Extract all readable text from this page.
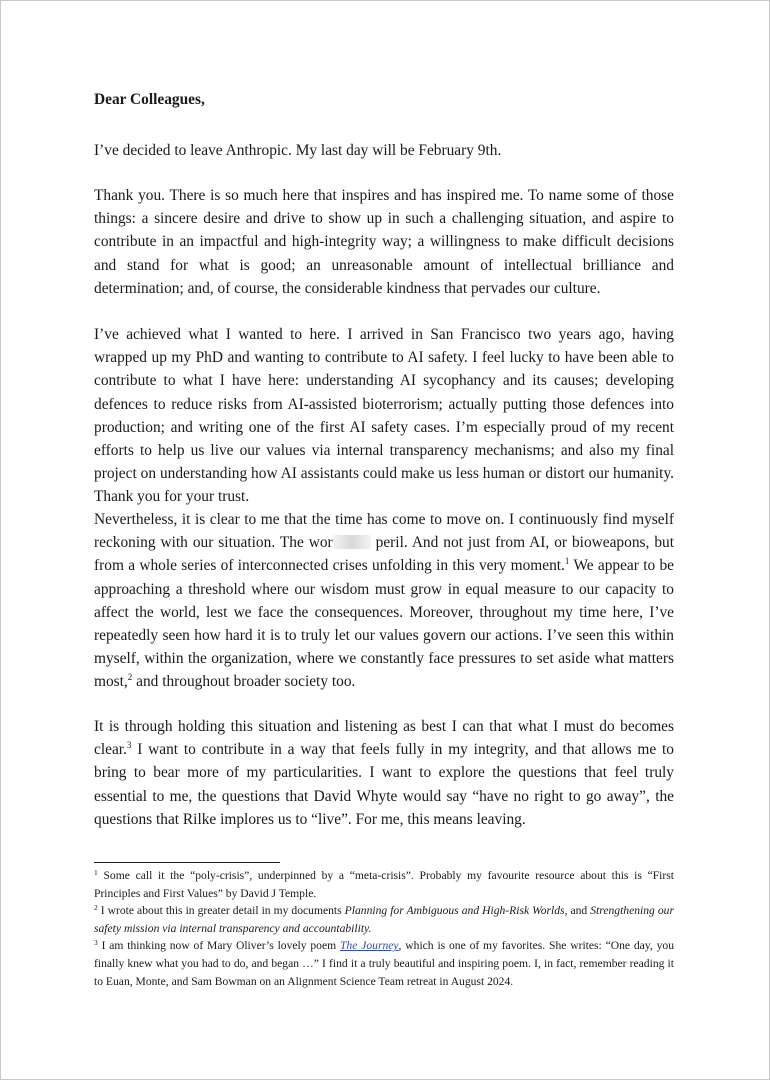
Dear Colleagues,

I’ve decided to leave Anthropic. My last day will be February 9th.

Thank you. There is so much here that inspires and has inspired me. To name some of those things: a sincere desire and drive to show up in such a challenging situation, and aspire to contribute in an impactful and high-integrity way; a willingness to make difficult decisions and stand for what is good; an unreasonable amount of intellectual brilliance and determination; and, of course, the considerable kindness that pervades our culture.

I’ve achieved what I wanted to here. I arrived in San Francisco two years ago, having wrapped up my PhD and wanting to contribute to AI safety. I feel lucky to have been able to contribute to what I have here: understanding AI sycophancy and its causes; developing defences to reduce risks from AI-assisted bioterrorism; actually putting those defences into production; and writing one of the first AI safety cases. I’m especially proud of my recent efforts to help us live our values via internal transparency mechanisms; and also my final project on understanding how AI assistants could make us less human or distort our humanity. Thank you for your trust.

Nevertheless, it is clear to me that the time has come to move on. I continuously find myself reckoning with our situation. The wor peril. And not just from AI, or bioweapons, but from a whole series of interconnected crises unfolding in this very moment.$^1$ We appear to be approaching a threshold where our wisdom must grow in equal measure to our capacity to affect the world, lest we face the consequences. Moreover, throughout my time here, I’ve repeatedly seen how hard it is to truly let our values govern our actions. I’ve seen this within myself, within the organization, where we constantly face pressures to set aside what matters most,$^2$ and throughout broader society too.

It is through holding this situation and listening as best I can that what I must do becomes clear.$^3$ I want to contribute in a way that feels fully in my integrity, and that allows me to bring to bear more of my particularities. I want to explore the questions that feel truly essential to me, the questions that David Whyte would say “have no right to go away”, the questions that Rilke implores us to “live”. For me, this means leaving.

$^1$ Some call it the “poly-crisis”, underpinned by a “meta-crisis”. Probably my favourite resource about this is “First Principles and First Values” by David J Temple.

$^2$ I wrote about this in greater detail in my documents Planning for Ambiguous and High-Risk Worlds, and Strengthening our safety mission via internal transparency and accountability.

$^3$ I am thinking now of Mary Oliver’s lovely poem The Journey, which is one of my favorites. She writes: “One day, you finally knew what you had to do, and began …” I find it a truly beautiful and inspiring poem. I, in fact, remember reading it to Euan, Monte, and Sam Bowman on an Alignment Science Team retreat in August 2024.
